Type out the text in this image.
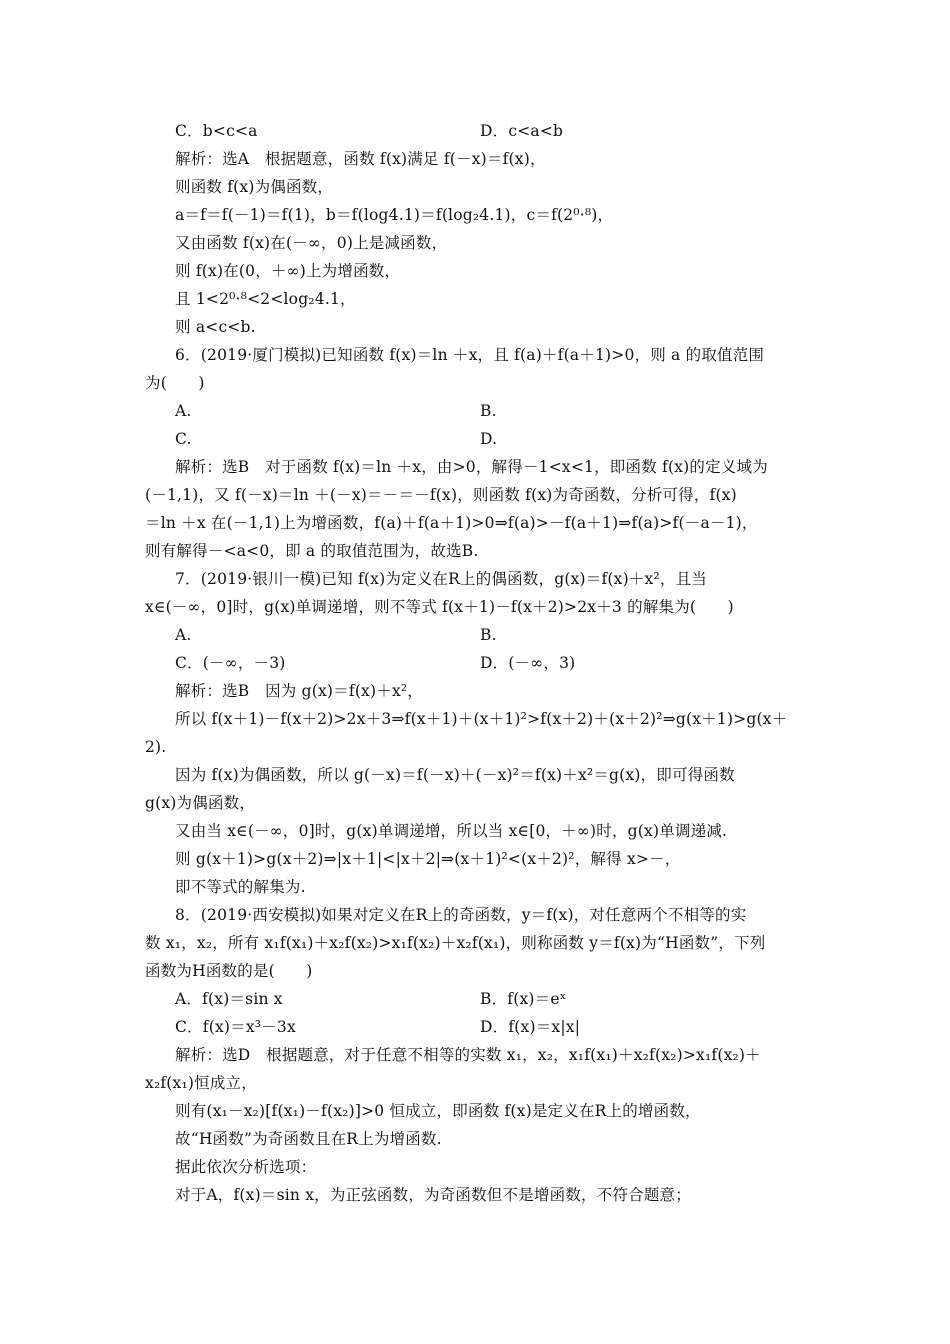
C．b<c<a	D．c<a<b
解析：选A　根据题意，函数 f(x)满足 f(－x)＝f(x)，
则函数 f(x)为偶函数，
a＝f＝f(－1)＝f(1)，b＝f(log4.1)＝f(log₂4.1)，c＝f(2⁰·⁸)，
又由函数 f(x)在(－∞，0)上是减函数，
则 f(x)在(0，＋∞)上为增函数，
且 1<2⁰·⁸<2<log₂4.1，
则 a<c<b.
6．(2019·厦门模拟)已知函数 f(x)＝ln ＋x，且 f(a)＋f(a＋1)>0，则 a 的取值范围
为(　　)
A.	B.
C.	D.
解析：选B　对于函数 f(x)＝ln ＋x，由>0，解得－1<x<1，即函数 f(x)的定义域为
(－1,1)，又 f(－x)＝ln ＋(－x)＝－＝－f(x)，则函数 f(x)为奇函数，分析可得，f(x)
＝ln ＋x 在(－1,1)上为增函数，f(a)＋f(a＋1)>0⇒f(a)>－f(a＋1)⇒f(a)>f(－a－1)，
则有解得－<a<0，即 a 的取值范围为，故选B.
7．(2019·银川一模)已知 f(x)为定义在R上的偶函数，g(x)＝f(x)＋x²，且当
x∈(－∞，0]时，g(x)单调递增，则不等式 f(x＋1)－f(x＋2)>2x＋3 的解集为(　　)
A.	B.
C．(－∞，－3)	D．(－∞，3)
解析：选B　因为 g(x)＝f(x)＋x²，
所以 f(x＋1)－f(x＋2)>2x＋3⇒f(x＋1)＋(x＋1)²>f(x＋2)＋(x＋2)²⇒g(x＋1)>g(x＋
2).
因为 f(x)为偶函数，所以 g(－x)＝f(－x)＋(－x)²＝f(x)＋x²＝g(x)，即可得函数
g(x)为偶函数，
又由当 x∈(－∞，0]时，g(x)单调递增，所以当 x∈[0，＋∞)时，g(x)单调递减.
则 g(x＋1)>g(x＋2)⇒|x＋1|<|x＋2|⇒(x＋1)²<(x＋2)²，解得 x>－，
即不等式的解集为.
8．(2019·西安模拟)如果对定义在R上的奇函数，y＝f(x)，对任意两个不相等的实
数 x₁，x₂，所有 x₁f(x₁)＋x₂f(x₂)>x₁f(x₂)＋x₂f(x₁)，则称函数 y＝f(x)为“H函数”，下列
函数为H函数的是(　　)
A．f(x)＝sin x	B．f(x)＝eˣ
C．f(x)＝x³－3x	D．f(x)＝x|x|
解析：选D　根据题意，对于任意不相等的实数 x₁，x₂，x₁f(x₁)＋x₂f(x₂)>x₁f(x₂)＋
x₂f(x₁)恒成立，
则有(x₁－x₂)[f(x₁)－f(x₂)]>0 恒成立，即函数 f(x)是定义在R上的增函数，
故“H函数”为奇函数且在R上为增函数.
据此依次分析选项：
对于A，f(x)＝sin x，为正弦函数，为奇函数但不是增函数，不符合题意；
